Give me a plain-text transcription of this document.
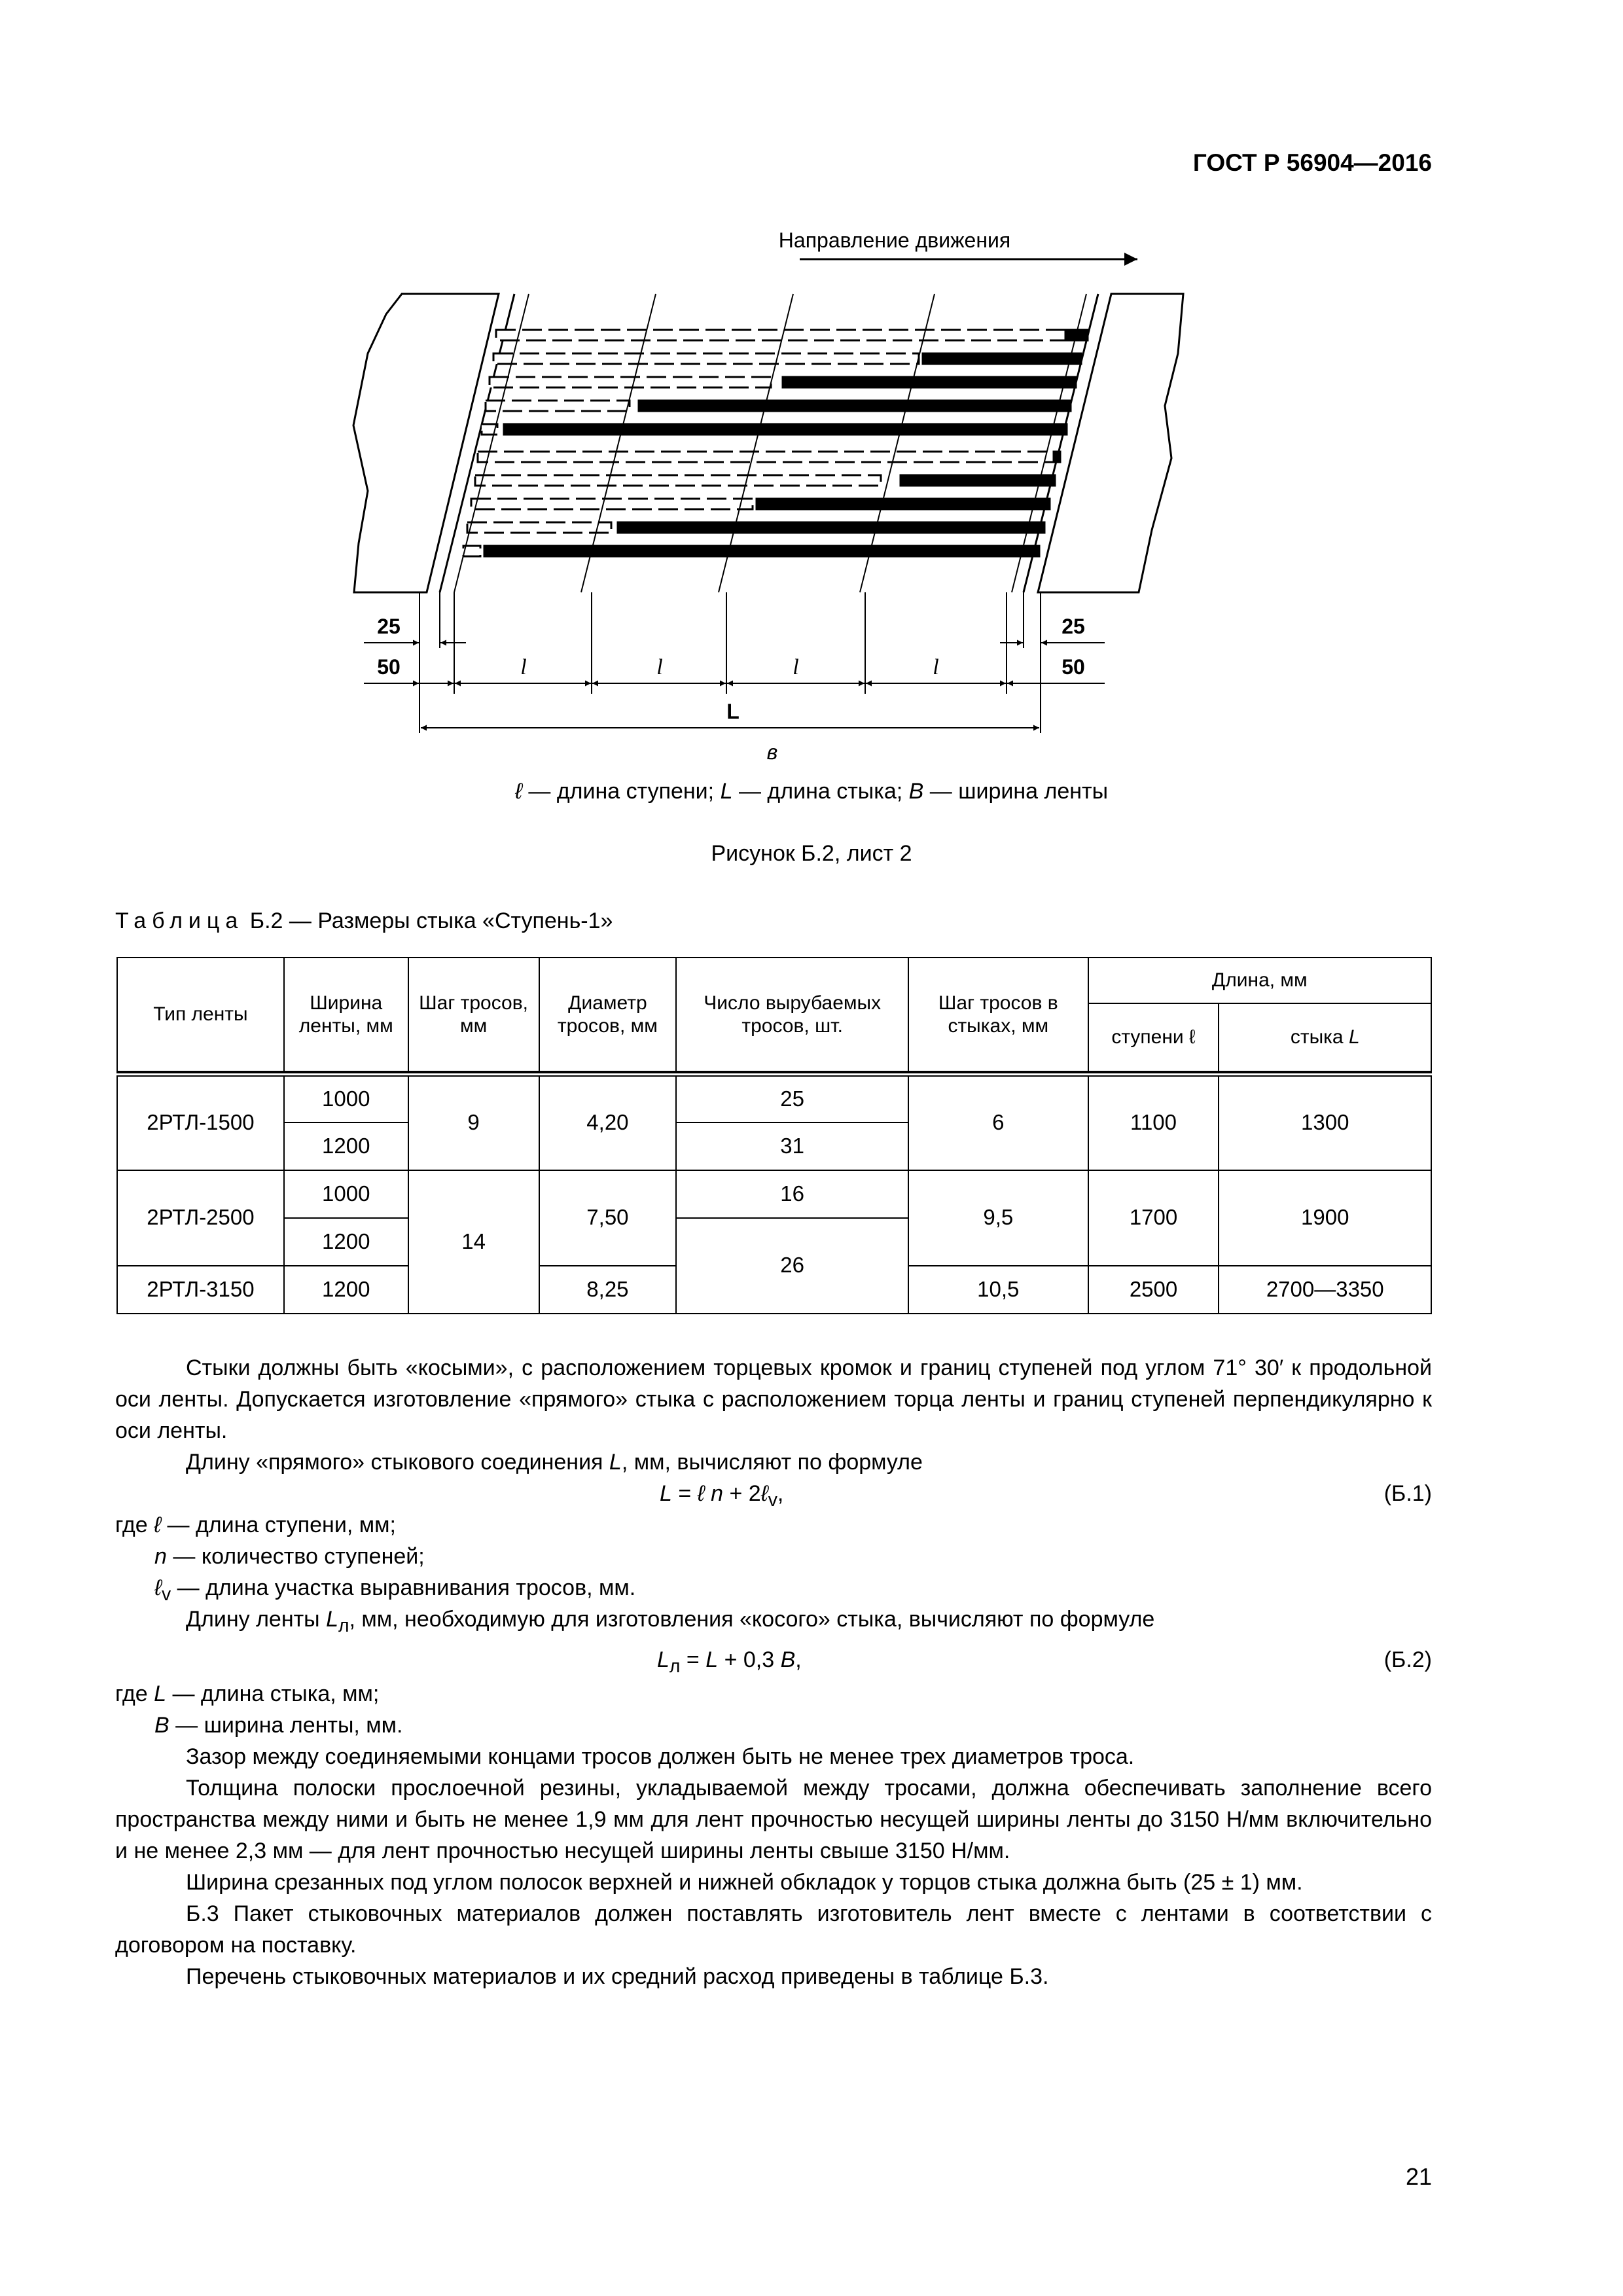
ГОСТ Р 56904—2016
Направление движения
25	25
50	50
l	l	l	l
L
в
ℓ — длина ступени; L — длина стыка; B — ширина ленты
Рисунок Б.2, лист 2
Таблица Б.2 — Размеры стыка «Ступень-1»
Тип ленты	Ширина ленты, мм	Шаг тросов, мм	Диаметр тросов, мм	Число вырубаемых тросов, шт.	Шаг тросов в стыках, мм	Длина, мм	
						ступени ℓ	стыка L

2РТЛ-1500	1000	9	4,20	25	6	1100	1300
	1200			31			
2РТЛ-2500	1000	14	7,50	16	9,5	1700	1900
	1200			26			
2РТЛ-3150	1200		8,25		10,5	2500	2700—3350
Стыки должны быть «косыми», с расположением торцевых кромок и границ ступеней под углом 71° 30′ к продольной оси ленты. Допускается изготовление «прямого» стыка с расположением торца ленты и границ ступеней перпендикулярно к оси ленты.
Длину «прямого» стыкового соединения L, мм, вычисляют по формуле
L = ℓ n + 2ℓ$_v$,	(Б.1)
где ℓ — длина ступени, мм;
n — количество ступеней;
ℓ$_v$ — длина участка выравнивания тросов, мм.
Длину ленты $L_л$, мм, необходимую для изготовления «косого» стыка, вычисляют по формуле
$L_л = L + 0,3$ B,	(Б.2)
где L — длина стыка, мм;
B — ширина ленты, мм.
Зазор между соединяемыми концами тросов должен быть не менее трех диаметров троса.
Толщина полоски прослоечной резины, укладываемой между тросами, должна обеспечивать заполнение всего пространства между ними и быть не менее 1,9 мм для лент прочностью несущей ширины ленты до 3150 Н/мм включительно и не менее 2,3 мм — для лент прочностью несущей ширины ленты свыше 3150 Н/мм.
Ширина срезанных под углом полосок верхней и нижней обкладок у торцов стыка должна быть (25 ± 1) мм.
Б.3 Пакет стыковочных материалов должен поставлять изготовитель лент вместе с лентами в соответствии с договором на поставку.
Перечень стыковочных материалов и их средний расход приведены в таблице Б.3.
21
